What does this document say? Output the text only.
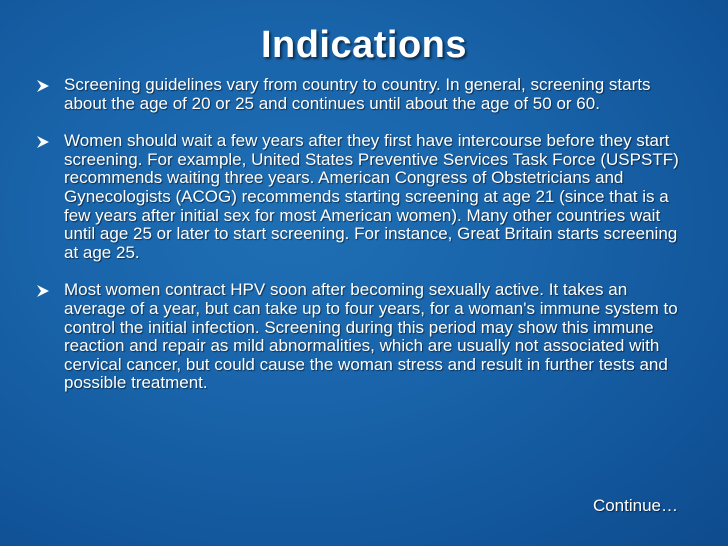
Indications
Screening guidelines vary from country to country. In general, screening starts about the age of 20 or 25 and continues until about the age of 50 or 60.
Women should wait a few years after they first have intercourse before they start screening. For example, United States Preventive Services Task Force (USPSTF) recommends waiting three years. American Congress of Obstetricians and Gynecologists (ACOG) recommends starting screening at age 21 (since that is a few years after initial sex for most American women). Many other countries wait until age 25 or later to start screening. For instance, Great Britain starts screening at age 25.
Most women contract HPV soon after becoming sexually active. It takes an average of a year, but can take up to four years, for a woman's immune system to control the initial infection. Screening during this period may show this immune reaction and repair as mild abnormalities, which are usually not associated with cervical cancer, but could cause the woman stress and result in further tests and possible treatment.
Continue…
